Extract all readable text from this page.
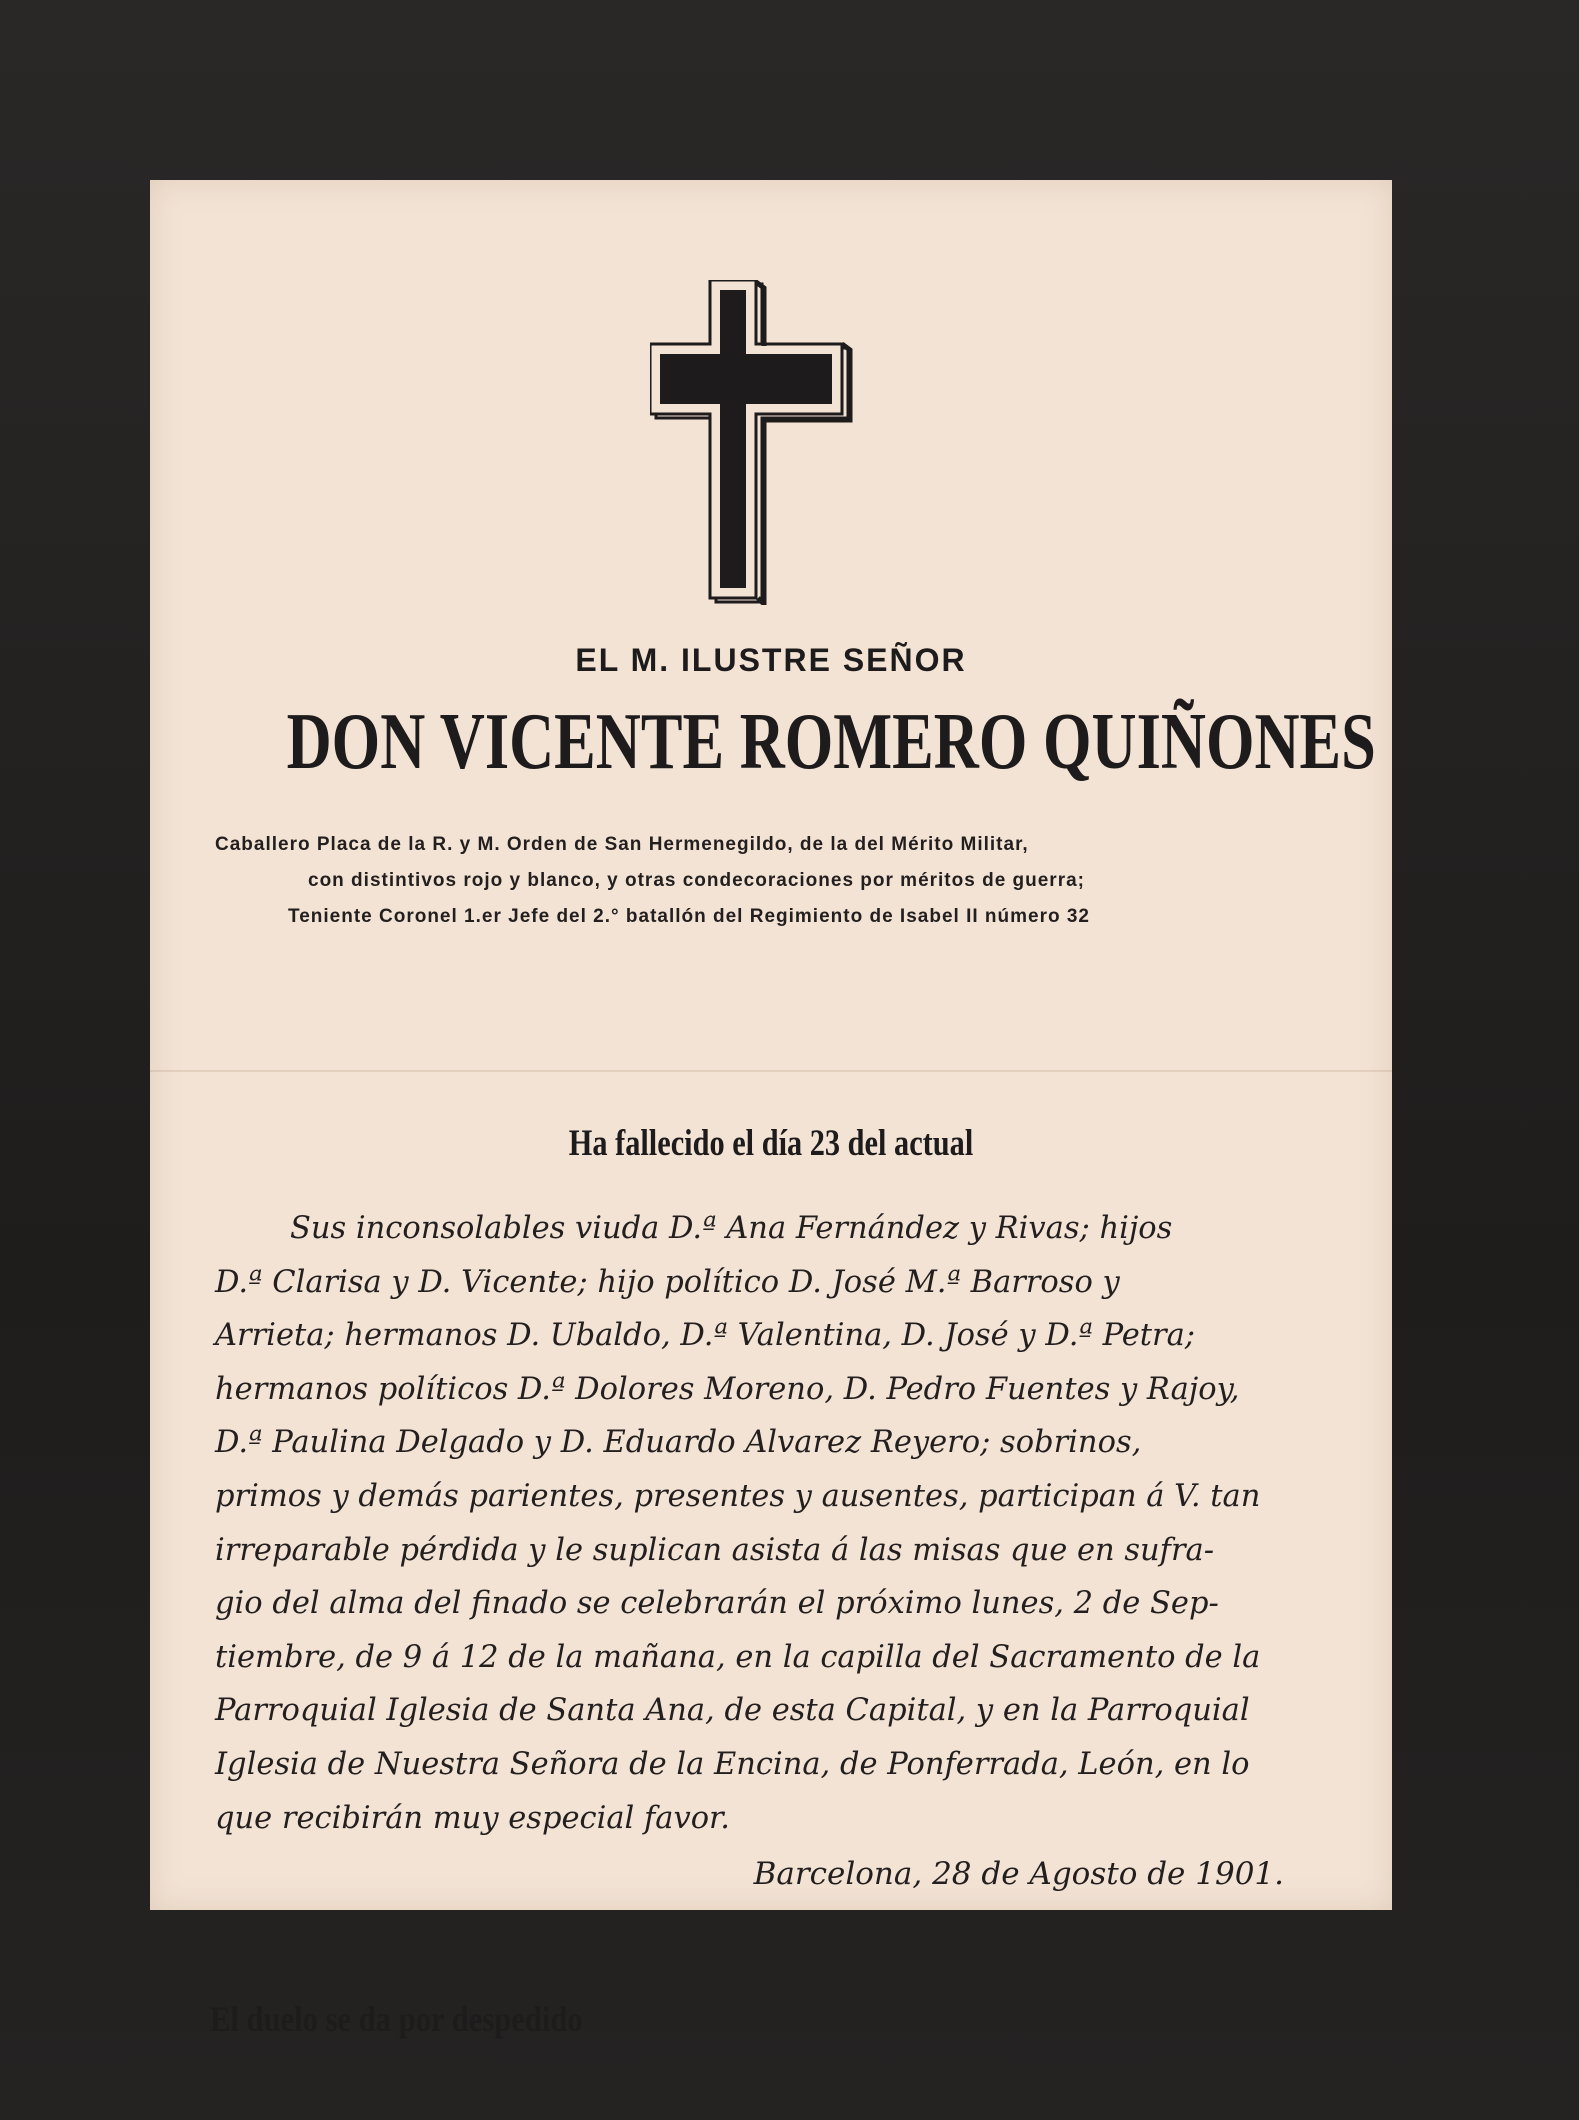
EL M. ILUSTRE SEÑOR
DON VICENTE ROMERO QUIÑONES
Caballero Placa de la R. y M. Orden de San Hermenegildo, de la del Mérito Militar,
con distintivos rojo y blanco, y otras condecoraciones por méritos de guerra;
Teniente Coronel 1.er Jefe del 2.° batallón del Regimiento de Isabel II número 32
Ha fallecido el día 23 del actual
Sus inconsolables viuda D.ª Ana Fernández y Rivas; hijos
D.ª Clarisa y D. Vicente; hijo político D. José M.ª Barroso y
Arrieta; hermanos D. Ubaldo, D.ª Valentina, D. José y D.ª Petra;
hermanos políticos D.ª Dolores Moreno, D. Pedro Fuentes y Rajoy,
D.ª Paulina Delgado y D. Eduardo Alvarez Reyero; sobrinos,
primos y demás parientes, presentes y ausentes, participan á V. tan
irreparable pérdida y le suplican asista á las misas que en sufra-
gio del alma del finado se celebrarán el próximo lunes, 2 de Sep-
tiembre, de 9 á 12 de la mañana, en la capilla del Sacramento de la
Parroquial Iglesia de Santa Ana, de esta Capital, y en la Parroquial
Iglesia de Nuestra Señora de la Encina, de Ponferrada, León, en lo
que recibirán muy especial favor.
Barcelona, 28 de Agosto de 1901.
El duelo se da por despedido
